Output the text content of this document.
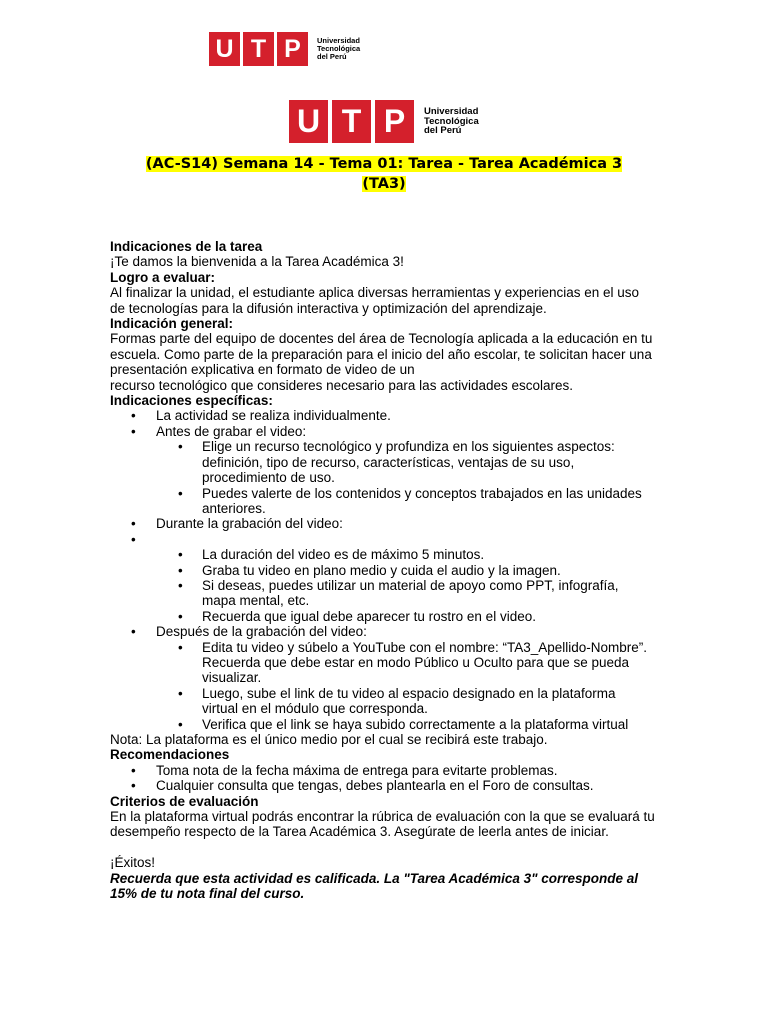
U T P	Universidad
Tecnológica
del Perú
U T P	Universidad
Tecnológica
del Perú
(AC-S14) Semana 14 - Tema 01: Tarea - Tarea Académica 3
(TA3)

Indicaciones de la tarea

¡Te damos la bienvenida a la Tarea Académica 3!

Logro a evaluar:

Al finalizar la unidad, el estudiante aplica diversas herramientas y experiencias en el uso de tecnologías para la difusión interactiva y optimización del aprendizaje.

Indicación general:

Formas parte del equipo de docentes del área de Tecnología aplicada a la educación en tu escuela. Como parte de la preparación para el inicio del año escolar, te solicitan hacer una presentación explicativa en formato de video de un

recurso tecnológico que consideres necesario para las actividades escolares.

Indicaciones específicas:

• La actividad se realiza individualmente.
• Antes de grabar el video:
• Elige un recurso tecnológico y profundiza en los siguientes aspectos: definición, tipo de recurso, características, ventajas de su uso, procedimiento de uso.
• Puedes valerte de los contenidos y conceptos trabajados en las unidades anteriores.
• Durante la grabación del video:
•
• La duración del video es de máximo 5 minutos.
• Graba tu video en plano medio y cuida el audio y la imagen.
• Si deseas, puedes utilizar un material de apoyo como PPT, infografía, mapa mental, etc.
• Recuerda que igual debe aparecer tu rostro en el video.
• Después de la grabación del video:
• Edita tu video y súbelo a YouTube con el nombre: “TA3_Apellido-Nombre”. Recuerda que debe estar en modo Público u Oculto para que se pueda visualizar.
• Luego, sube el link de tu video al espacio designado en la plataforma virtual en el módulo que corresponda.
• Verifica que el link se haya subido correctamente a la plataforma virtual

Nota: La plataforma es el único medio por el cual se recibirá este trabajo.

Recomendaciones

• Toma nota de la fecha máxima de entrega para evitarte problemas.
• Cualquier consulta que tengas, debes plantearla en el Foro de consultas.

Criterios de evaluación

En la plataforma virtual podrás encontrar la rúbrica de evaluación con la que se evaluará tu desempeño respecto de la Tarea Académica 3. Asegúrate de leerla antes de iniciar.

¡Éxitos!

Recuerda que esta actividad es calificada. La "Tarea Académica 3" corresponde al 15% de tu nota final del curso.
